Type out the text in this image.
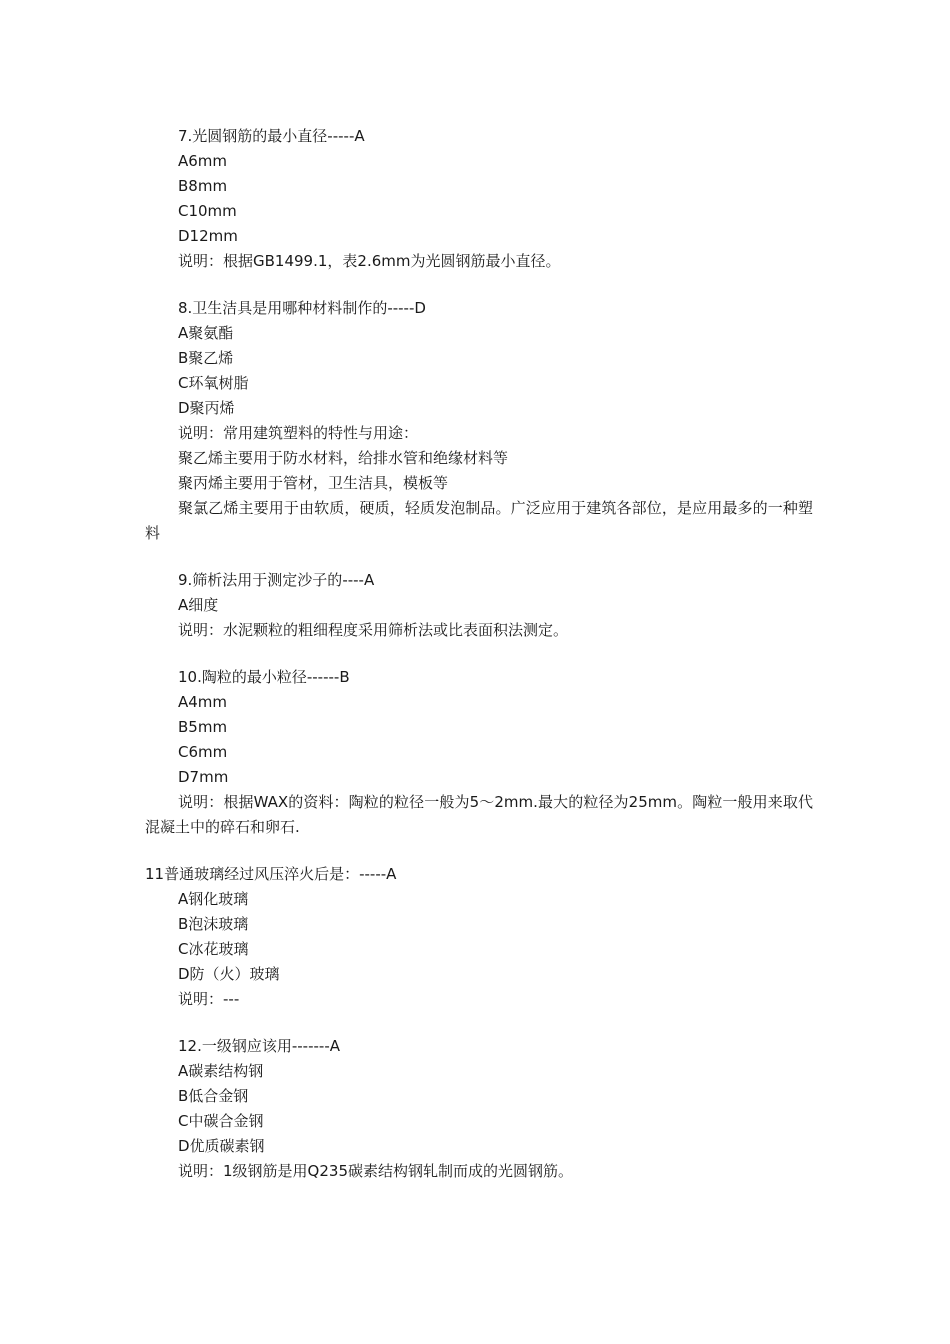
7.光圆钢筋的最小直径-----A
A6mm
B8mm
C10mm
D12mm
说明：根据GB1499.1，表2.6mm为光圆钢筋最小直径。
8.卫生洁具是用哪种材料制作的-----D
A聚氨酯
B聚乙烯
C环氧树脂
D聚丙烯
说明：常用建筑塑料的特性与用途：
聚乙烯主要用于防水材料，给排水管和绝缘材料等
聚丙烯主要用于管材，卫生洁具，模板等
聚氯乙烯主要用于由软质，硬质，轻质发泡制品。广泛应用于建筑各部位，是应用最多的一种塑料
9.筛析法用于测定沙子的----A
A细度
说明：水泥颗粒的粗细程度采用筛析法或比表面积法测定。
10.陶粒的最小粒径------B
A4mm
B5mm
C6mm
D7mm
说明：根据WAX的资料：陶粒的粒径一般为5～2mm.最大的粒径为25mm。陶粒一般用来取代混凝土中的碎石和卵石.
11普通玻璃经过风压淬火后是：-----A
A钢化玻璃
B泡沫玻璃
C冰花玻璃
D防（火）玻璃
说明：---
12.一级钢应该用-------A
A碳素结构钢
B低合金钢
C中碳合金钢
D优质碳素钢
说明：1级钢筋是用Q235碳素结构钢轧制而成的光圆钢筋。
